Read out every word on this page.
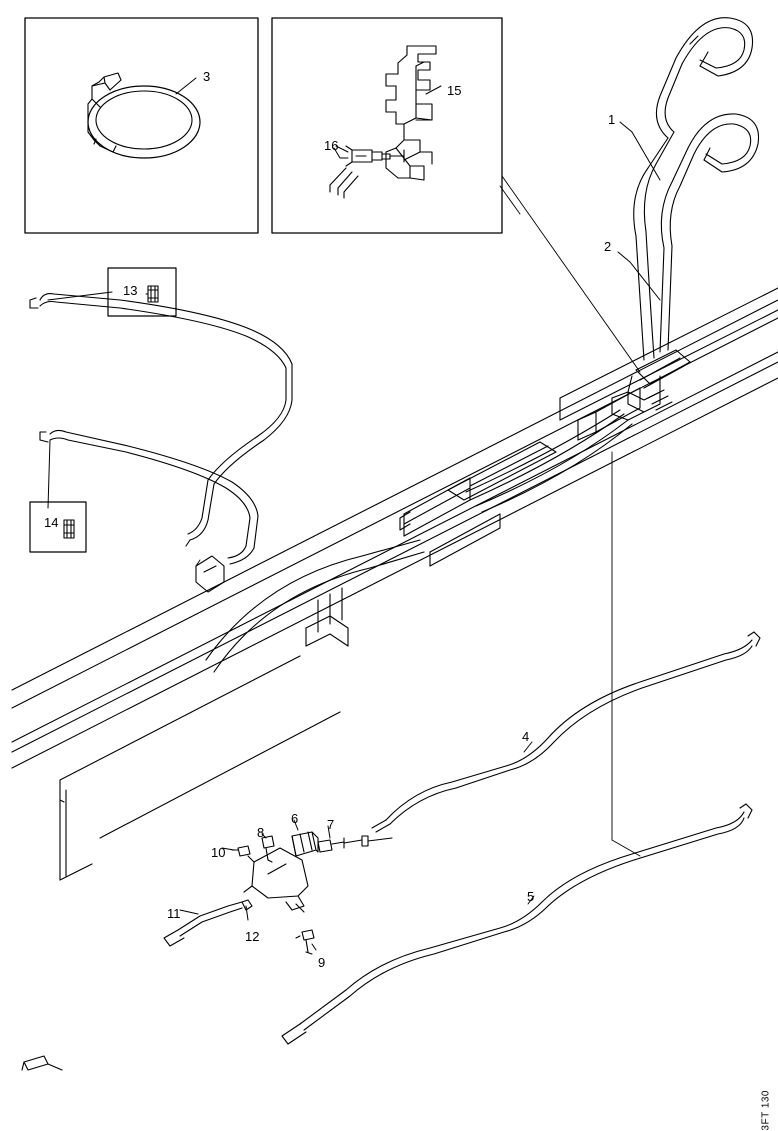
1
2
3
4
5
6 7
8
9
10
11
12
13
14
15
16
3FT 130
